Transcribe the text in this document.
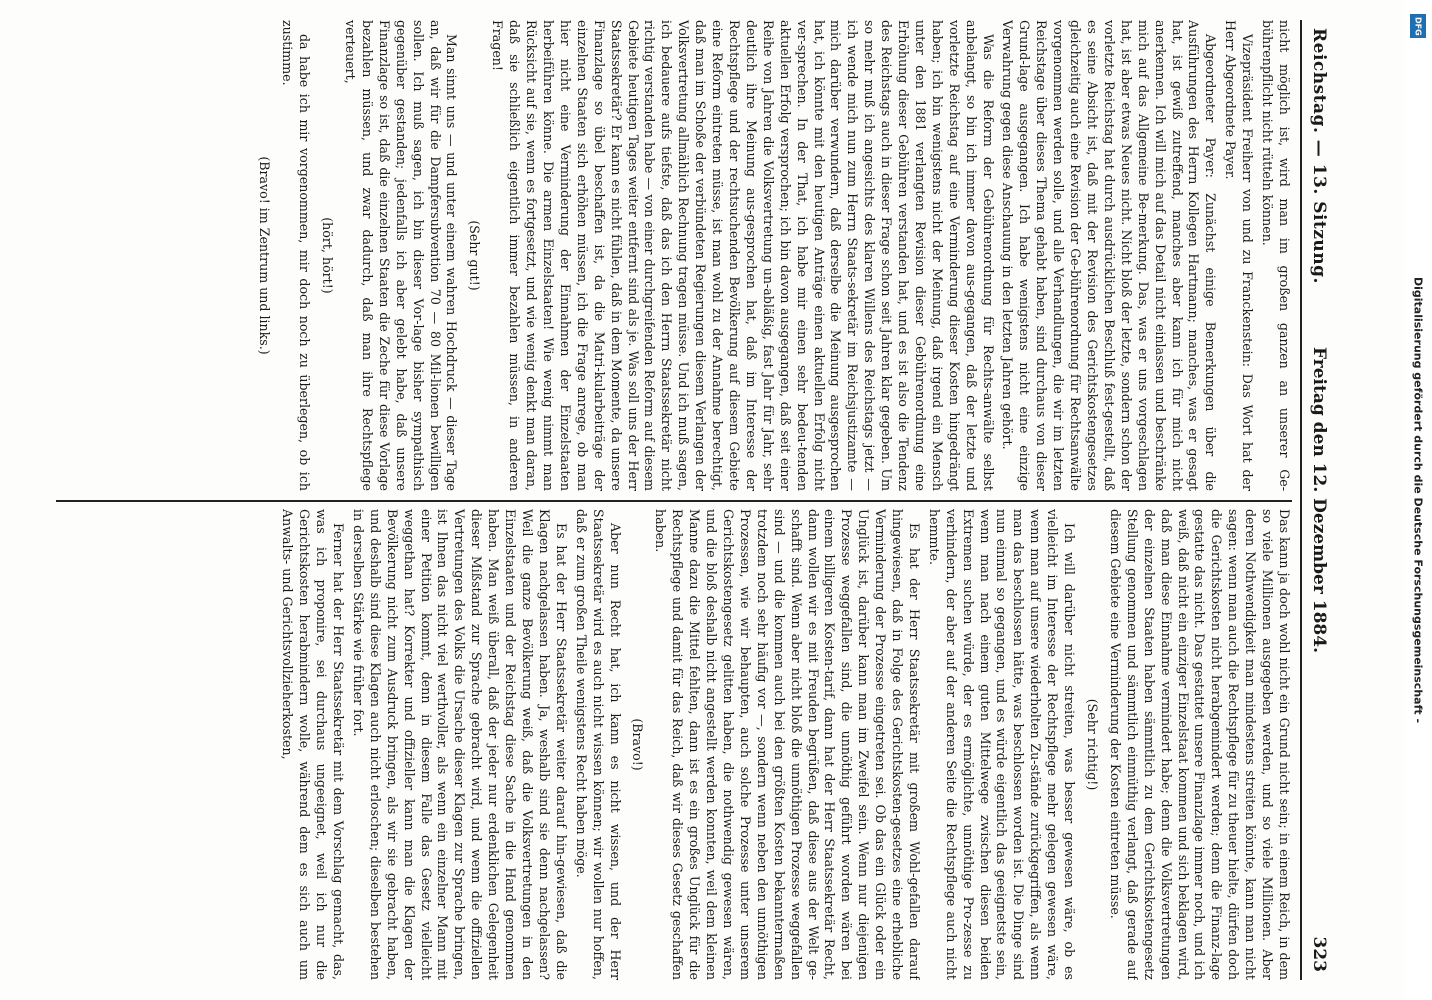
Reichstag. — 13. Sitzung.
Freitag den 12. Dezember 1884.
323

nicht möglich ist, wird man im großen ganzen an unserer Ge-bührenpflicht nicht rütteln können.

Vizepräsident Freiherr von und zu Franckenstein: Das Wort hat der Herr Abgeordnete Payer.

Abgeordneter Payer: Zunächst einige Bemerkungen über die Ausführungen des Herrn Kollegen Hartmann; manches, was er gesagt hat, ist gewiß zutreffend, manches aber kann ich für mich nicht anerkennen. Ich will mich auf das Detail nicht einlassen und beschränke mich auf das Allgemeine Be-merkung. Das, was er uns vorgeschlagen hat, ist aber etwas Neues nicht. Nicht bloß der letzte, sondern schon der vorletzte Reichstag hat durch ausdrücklichen Beschluß fest-gestellt, daß es seine Absicht ist, daß mit der Revision des Gerichtskostengesetzes gleichzeitig auch eine Revision der Ge-bührenordnung für Rechtsanwälte vorgenommen werden solle, und alle Verhandlungen, die wir im letzten Reichstage über dieses Thema gehabt haben, sind durchaus von dieser Grund-lage ausgegangen. Ich habe wenigstens nicht eine einzige Verwahrung gegen diese Anschauung in den letzten Jahren gehört.

Was die Reform der Gebührenordnung für Rechts-anwälte selbst anbelangt, so bin ich immer davon aus-gegangen, daß der letzte und vorletzte Reichstag auf eine Verminderung dieser Kosten hingedrängt haben; ich bin wenigstens nicht der Meinung, daß irgend ein Mensch unter den 1881 verlangten Revision dieser Gebührenordnung eine Erhöhung dieser Gebühren verstanden hat, und es ist also die Tendenz des Reichstags auch in dieser Frage schon seit Jahren klar gegeben. Um so mehr muß ich angesichts des klaren Willens des Reichstags jetzt — ich wende mich nun zum Herrn Staats-sekretär im Reichsjustizamte — mich darüber verwundern, daß derselbe die Meinung ausgesprochen hat, ich könnte mit den heutigen Anträge einen aktuellen Erfolg nicht ver-sprechen. In der That, ich habe mir einen sehr bedeu-tenden aktuellen Erfolg versprochen; ich bin davon ausgegangen, daß seit einer Reihe von Jahren die Volksvertretung un-abläßig, fast Jahr für Jahr, sehr deutlich ihre Meinung aus-gesprochen hat, daß im Interesse der Rechtspflege und der rechtsuchenden Bevölkerung auf diesem Gebiete eine Reform eintreten müsse, ist man wohl zu der Annahme berechtigt, daß man im Schoße der verbündeten Regierungen diesem Verlangen der Volksvertretung allmählich Rechnung tragen müsse. Und ich muß sagen, ich bedauere aufs tiefste, daß das ich den Herrn Staatssekretär nicht richtig verstanden habe — von einer durchgreifenden Reform auf diesem Gebiete heutigen Tages weiter entfernt sind als je. Was soll uns der Herr Staatssekretär? Er kann es nicht fühlen, daß in dem Momente, da unsere Finanzlage so übel beschaffen ist, da die Matri-kularbeiträge der einzelnen Staaten sich erhöhen müssen, ich die Frage anrege, ob man hier nicht eine Verminderung der Einnahmen der Einzelstaaten herbeiführen könne. Die armen Einzelstaaten! Wie wenig nimmt man Rücksicht auf sie, wenn es fortgesetzt, und wie wenig denkt man daran, daß sie schließlich eigentlich immer bezahlen müssen, in anderen Fragen!

(Sehr gut!)

Man sinnt uns — und unter einem wahren Hochdruck — dieser Tage an, daß wir für die Dampfersubvention 70 — 80 Mil-lionen bewilligen sollen. Ich muß sagen, ich bin dieser Vor-lage bisher sympathisch gegenüber gestanden; jedenfalls ich aber gelebt habe, daß unsere Finanzlage so ist, daß die einzelnen Staaten die Zeche für diese Vorlage bezahlen müssen, und zwar dadurch, daß man ihre Rechtspflege verteuert,

(hört, hört!)

da habe ich mir vorgenommen, mir doch noch zu überlegen, ob ich zustimme.

(Bravo! im Zentrum und links.)

Das kann ja doch wohl nicht ein Grund nicht sein; in einem Reich, in dem so viele Millionen ausgegeben werden, und so viele Millionen. Aber deren Nothwendigkeit man mindestens streiten könnte, kann man nicht sagen: wenn man auch die Rechtspflege für zu theuer hielte, dürfen doch die Gerichtskosten nicht herabgemindert werden; denn die Finanz-lage gestatte das nicht. Das gestattet unsere Finanzlage immer noch, und ich weiß, daß nicht ein einziger Einzelstaat kommen und sich beklagen wird, daß man diese Einnahme vermindert habe; denn die Volksvertretungen der einzelnen Staaten haben sämmtlich zu dem Gerichtskostengesetz Stellung genommen und sämmtlich einmüthig verlangt, daß gerade auf diesem Gebiete eine Verminderung der Kosten eintreten müsse.

(Sehr richtig!)

Ich will darüber nicht streiten, was besser gewesen wäre, ob es vielleicht im Interesse der Rechtspflege mehr gelegen gewesen wäre, wenn man auf unsere wiederholten Zu-stände zurückgegriffen, als wenn man das beschlossen hätte, was beschlossen worden ist. Die Dinge sind nun einmal so gegangen, und es würde eigentlich das geeignetste sein, wenn man nach einem guten Mittelwege zwischen diesen beiden Extremen suchen würde, der es ermöglichte, unnöthige Pro-zesse zu verhindern, der aber auf der anderen Seite die Rechtspflege auch nicht hemmte.

Es hat der Herr Staatssekretär mit großem Wohl-gefallen darauf hingewiesen, daß in Folge des Gerichtskosten-gesetzes eine erhebliche Verminderung der Prozesse eingetreten sei. Ob das ein Glück oder ein Unglück ist, darüber kann man im Zweifel sein. Wenn nur diejenigen Prozesse weggefallen sind, die unnöthig geführt worden wären bei einem billigeren Kosten-tarif, dann hat der Herr Staatssekretär Recht, dann wollen wir es mit Freuden begrüßen, daß diese aus der Welt ge-schafft sind. Wenn aber nicht bloß die unnöthigen Prozesse weggefallen sind — und die kommen auch bei den größten Kosten bekanntermaßen trotzdem noch sehr häufig vor —, sondern wenn neben den unnöthigen Prozessen, wie wir behaupten, auch solche Prozesse unter unserem Gerichtskostengesetz gelitten haben, die nothwendig gewesen wären, und die bloß deshalb nicht angestellt werden konnten, weil dem kleinen Manne dazu die Mittel fehlten, dann ist es ein großes Unglück für die Rechtspflege und damit für das Reich, daß wir dieses Gesetz geschaffen haben.

(Bravo!)

Aber nun Recht hat, ich kann es nicht wissen, und der Herr Staatssekretär wird es auch nicht wissen können; wir wollen nur hoffen, daß er zum großen Theile wenigstens Recht haben möge.

Es hat der Herr Staatssekretär weiter darauf hin-gewiesen, daß die Klagen nachgelassen haben. Ja, weshalb sind sie denn nachgelassen? Weil die ganze Bevölkerung weiß, daß die Volksvertretungen in den Einzelstaaten und der Reichstag diese Sache in die Hand genommen haben. Man weiß überall, daß der jeder nur erdenklichen Gelegenheit dieser Mißstand zur Sprache gebracht wird, und wenn die offiziellen Vertretungen des Volks die Ursache dieser Klagen zur Sprache bringen, ist Ihnen das nicht viel werthvoller, als wenn ein einzelner Mann mit einer Petition kommt, denn in diesem Falle das Gesetz vielleicht weggethan hat? Korrekter und offizieller kann man die Klagen der Bevölkerung nicht zum Ausdruck bringen, als wir sie gebracht haben, und deshalb sind diese Klagen auch nicht erloschen; dieselben bestehen in derselben Stärke wie früher fort.

Ferner hat der Herr Staatssekretär mit dem Vorschlag gemacht, das, was ich proponire, sei durchaus ungeeignet, weil ich nur die Gerichtskosten herabmindern wolle, während dem es sich auch um Anwalts- und Gerichtsvollzieherkosten,	Digitalisierung gefördert durch die Deutsche Forschungsgemeinschaft -
DFG
